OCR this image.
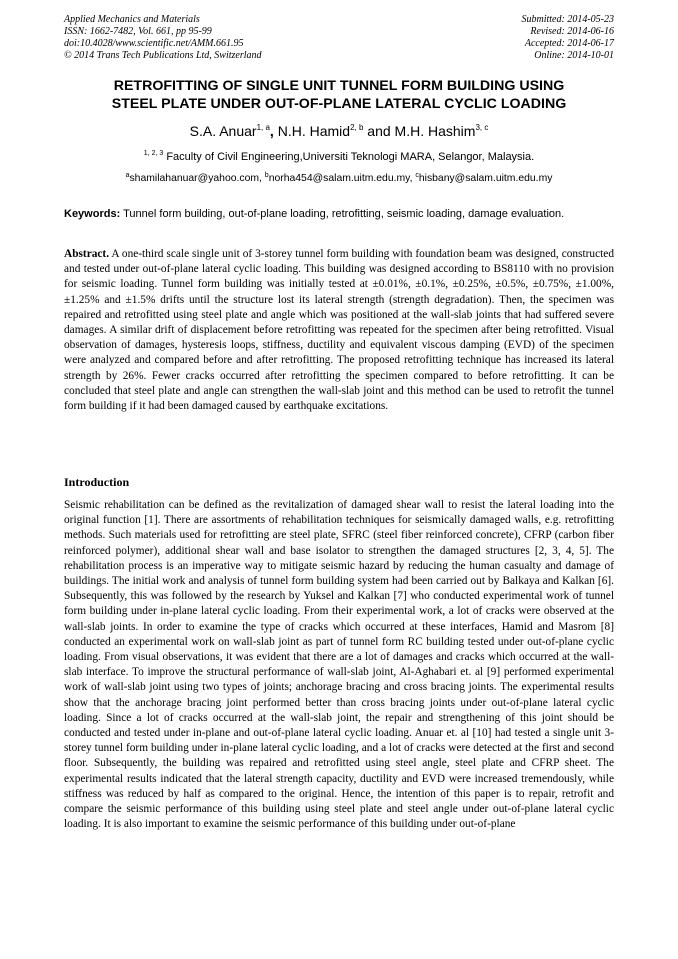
Applied Mechanics and Materials
ISSN: 1662-7482, Vol. 661, pp 95-99
doi:10.4028/www.scientific.net/AMM.661.95
© 2014 Trans Tech Publications Ltd, Switzerland
Submitted: 2014-05-23
Revised: 2014-06-16
Accepted: 2014-06-17
Online: 2014-10-01
RETROFITTING OF SINGLE UNIT TUNNEL FORM BUILDING USING
STEEL PLATE UNDER OUT-OF-PLANE LATERAL CYCLIC LOADING
S.A. Anuar$^{1, a}$, N.H. Hamid$^{2, b}$ and M.H. Hashim$^{3, c}$
$^{1, 2, 3}$ Faculty of Civil Engineering,Universiti Teknologi MARA, Selangor, Malaysia.
$^a$shamilahanuar@yahoo.com, $^b$norha454@salam.uitm.edu.my, $^c$hisbany@salam.uitm.edu.my
Keywords: Tunnel form building, out-of-plane loading, retrofitting, seismic loading, damage evaluation.
Abstract. A one-third scale single unit of 3-storey tunnel form building with foundation beam was designed, constructed and tested under out-of-plane lateral cyclic loading. This building was designed according to BS8110 with no provision for seismic loading. Tunnel form building was initially tested at ±0.01%, ±0.1%, ±0.25%, ±0.5%, ±0.75%, ±1.00%, ±1.25% and ±1.5% drifts until the structure lost its lateral strength (strength degradation). Then, the specimen was repaired and retrofitted using steel plate and angle which was positioned at the wall-slab joints that had suffered severe damages. A similar drift of displacement before retrofitting was repeated for the specimen after being retrofitted. Visual observation of damages, hysteresis loops, stiffness, ductility and equivalent viscous damping (EVD) of the specimen were analyzed and compared before and after retrofitting. The proposed retrofitting technique has increased its lateral strength by 26%. Fewer cracks occurred after retrofitting the specimen compared to before retrofitting. It can be concluded that steel plate and angle can strengthen the wall-slab joint and this method can be used to retrofit the tunnel form building if it had been damaged caused by earthquake excitations.
Introduction
Seismic rehabilitation can be defined as the revitalization of damaged shear wall to resist the lateral loading into the original function [1]. There are assortments of rehabilitation techniques for seismically damaged walls, e.g. retrofitting methods. Such materials used for retrofitting are steel plate, SFRC (steel fiber reinforced concrete), CFRP (carbon fiber reinforced polymer), additional shear wall and base isolator to strengthen the damaged structures [2, 3, 4, 5]. The rehabilitation process is an imperative way to mitigate seismic hazard by reducing the human casualty and damage of buildings. The initial work and analysis of tunnel form building system had been carried out by Balkaya and Kalkan [6]. Subsequently, this was followed by the research by Yuksel and Kalkan [7] who conducted experimental work of tunnel form building under in-plane lateral cyclic loading. From their experimental work, a lot of cracks were observed at the wall-slab joints. In order to examine the type of cracks which occurred at these interfaces, Hamid and Masrom [8] conducted an experimental work on wall-slab joint as part of tunnel form RC building tested under out-of-plane cyclic loading. From visual observations, it was evident that there are a lot of damages and cracks which occurred at the wall-slab interface. To improve the structural performance of wall-slab joint, Al-Aghabari et. al [9] performed experimental work of wall-slab joint using two types of joints; anchorage bracing and cross bracing joints. The experimental results show that the anchorage bracing joint performed better than cross bracing joints under out-of-plane lateral cyclic loading. Since a lot of cracks occurred at the wall-slab joint, the repair and strengthening of this joint should be conducted and tested under in-plane and out-of-plane lateral cyclic loading. Anuar et. al [10] had tested a single unit 3-storey tunnel form building under in-plane lateral cyclic loading, and a lot of cracks were detected at the first and second floor. Subsequently, the building was repaired and retrofitted using steel angle, steel plate and CFRP sheet. The experimental results indicated that the lateral strength capacity, ductility and EVD were increased tremendously, while stiffness was reduced by half as compared to the original. Hence, the intention of this paper is to repair, retrofit and compare the seismic performance of this building using steel plate and steel angle under out-of-plane lateral cyclic loading. It is also important to examine the seismic performance of this building under out-of-plane
